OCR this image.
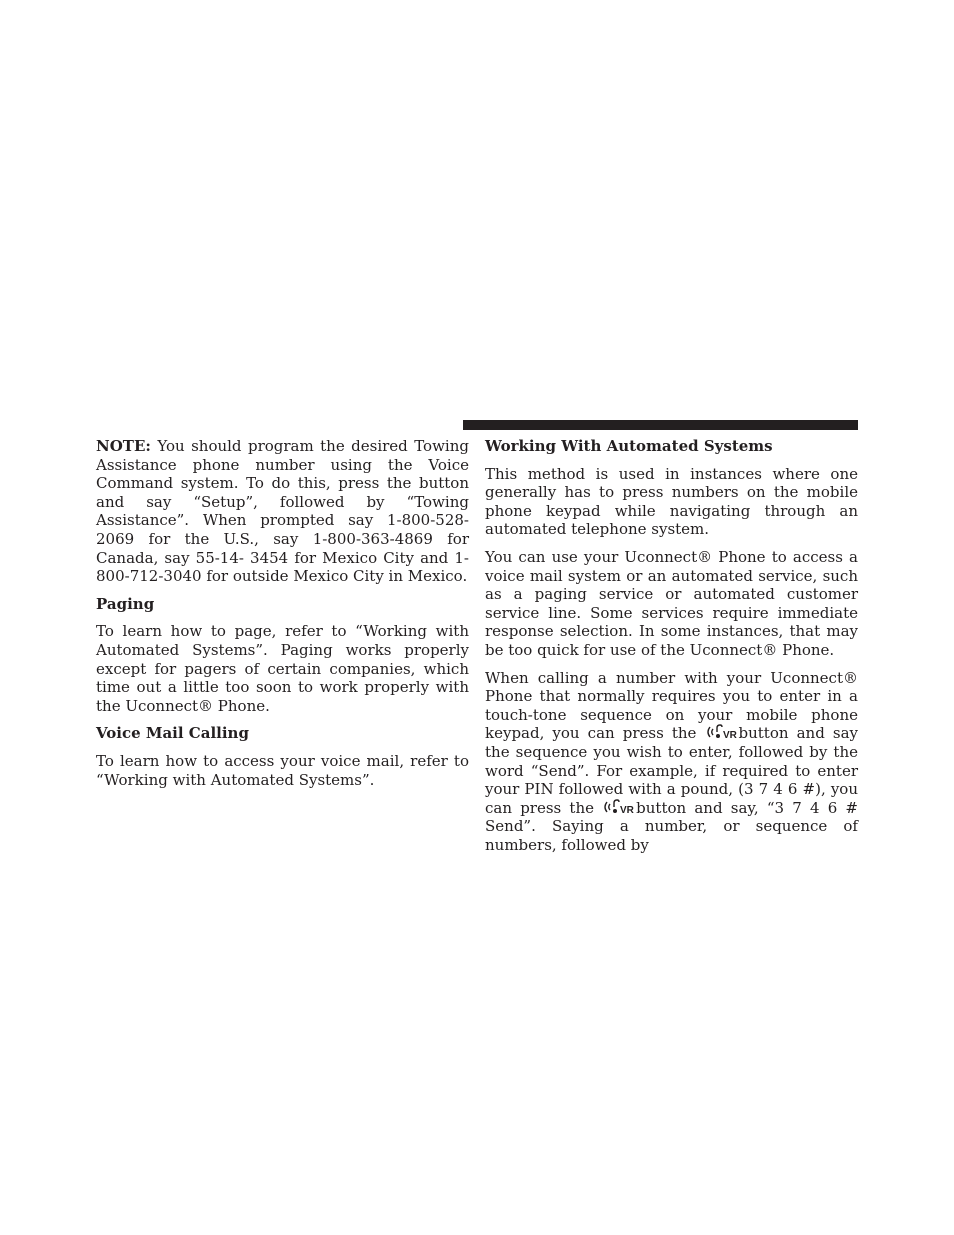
NOTE: You should program the desired Towing Assistance phone number using the Voice Command system. To do this, press the button and say “Setup”, followed by “Towing Assistance”. When prompted say 1-800-528-2069 for the U.S., say 1-800-363-4869 for Canada, say 55-14- 3454 for Mexico City and 1-800-712-3040 for outside Mexico City in Mexico.

Paging

To learn how to page, refer to “Working with Automated Systems”. Paging works properly except for pagers of certain companies, which time out a little too soon to work properly with the Uconnect® Phone.

Voice Mail Calling

To learn how to access your voice mail, refer to “Working with Automated Systems”.

Working With Automated Systems

This method is used in instances where one generally has to press numbers on the mobile phone keypad while navigating through an automated telephone system.

You can use your Uconnect® Phone to access a voice mail system or an automated service, such as a paging service or automated customer service line. Some services require immediate response selection. In some instances, that may be too quick for use of the Uconnect® Phone.

When calling a number with your Uconnect® Phone that normally requires you to enter in a touch-tone sequence on your mobile phone keypad, you can press the VR button and say the sequence you wish to enter, followed by the word “Send”. For example, if required to enter your PIN followed with a pound, (3 7 4 6 #), you can press the VR button and say, “3 7 4 6 # Send”. Saying a number, or sequence of numbers, followed by
